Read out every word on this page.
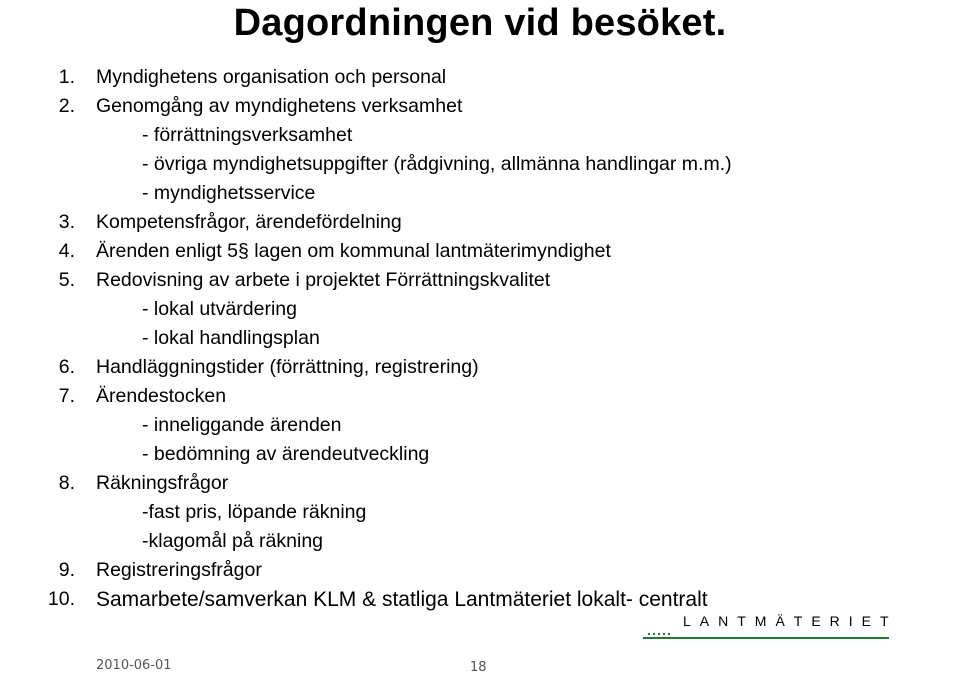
Dagordningen vid besöket.
1. Myndighetens organisation och personal
2. Genomgång av myndighetens verksamhet
- förrättningsverksamhet
- övriga myndighetsuppgifter (rådgivning, allmänna handlingar m.m.)
- myndighetsservice
3. Kompetensfrågor, ärendefördelning
4. Ärenden enligt 5§ lagen om kommunal lantmäterimyndighet
5. Redovisning av arbete i projektet Förrättningskvalitet
- lokal utvärdering
- lokal handlingsplan
6. Handläggningstider (förrättning, registrering)
7. Ärendestocken
- inneliggande ärenden
- bedömning av ärendeutveckling
8. Räkningsfrågor
-fast pris, löpande räkning
-klagomål på räkning
9. Registreringsfrågor
10. Samarbete/samverkan KLM & statliga Lantmäteriet lokalt- centralt
LANTMÄTERIET
2010-06-01	18
